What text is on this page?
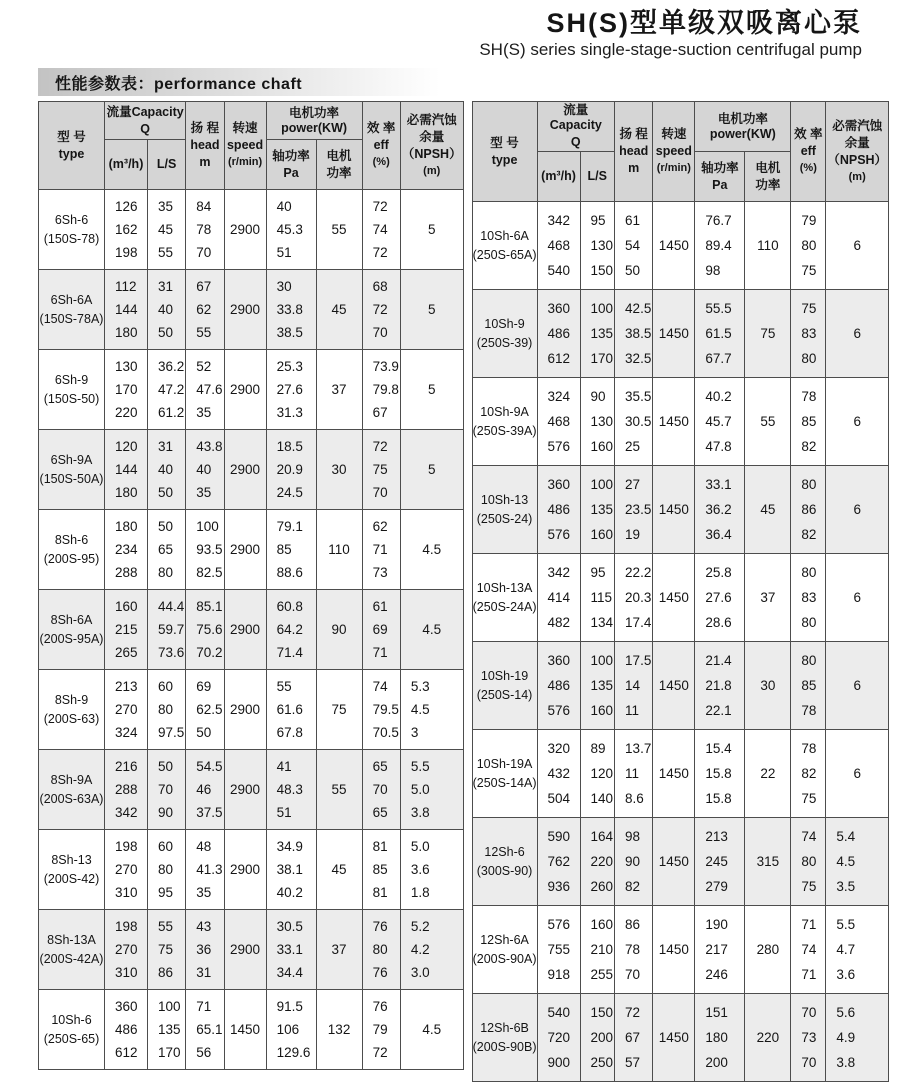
SH(S)型单级双吸离心泵
SH(S) series single-stage-suction centrifugal pump
性能参数表：performance chaft
型 号
type	流量Capacity
Q		扬 程
head
m	转速
speed
(r/min)	电机功率 power(KW)		效 率
eff
(%)	必需汽蚀
余量
（NPSH）
(m)

	(m³/h)	L/S			轴功率
Pa	电机
功率		

6Sh-6
(150S-78)	126
162
198	35
45
55	84
78
70	2900	40
45.3
51	55	72
74
72	5

6Sh-6A
(150S-78A)	112
144
180	31
40
50	67
62
55	2900	30
33.8
38.5	45	68
72
70	5

6Sh-9
(150S-50)	130
170
220	36.2
47.2
61.2	52
47.6
35	2900	25.3
27.6
31.3	37	73.9
79.8
67	5

6Sh-9A
(150S-50A)	120
144
180	31
40
50	43.8
40
35	2900	18.5
20.9
24.5	30	72
75
70	5

8Sh-6
(200S-95)	180
234
288	50
65
80	100
93.5
82.5	2900	79.1
85
88.6	110	62
71
73	4.5

8Sh-6A
(200S-95A)	160
215
265	44.4
59.7
73.6	85.1
75.6
70.2	2900	60.8
64.2
71.4	90	61
69
71	4.5

8Sh-9
(200S-63)	213
270
324	60
80
97.5	69
62.5
50	2900	55
61.6
67.8	75	74
79.5
70.5	5.3
4.5
3

8Sh-9A
(200S-63A)	216
288
342	50
70
90	54.5
46
37.5	2900	41
48.3
51	55	65
70
65	5.5
5.0
3.8

8Sh-13
(200S-42)	198
270
310	60
80
95	48
41.3
35	2900	34.9
38.1
40.2	45	81
85
81	5.0
3.6
1.8

8Sh-13A
(200S-42A)	198
270
310	55
75
86	43
36
31	2900	30.5
33.1
34.4	37	76
80
76	5.2
4.2
3.0

10Sh-6
(250S-65)	360
486
612	100
135
170	71
65.1
56	1450	91.5
106
129.6	132	76
79
72	4.5
型 号
type	流量Capacity
Q		扬 程
head
m	转速
speed
(r/min)	电机功率 power(KW)		效 率
eff
(%)	必需汽蚀
余量
（NPSH）
(m)

	(m³/h)	L/S			轴功率
Pa	电机
功率		

10Sh-6A
(250S-65A)	342
468
540	95
130
150	61
54
50	1450	76.7
89.4
98	110	79
80
75	6

10Sh-9
(250S-39)	360
486
612	100
135
170	42.5
38.5
32.5	1450	55.5
61.5
67.7	75	75
83
80	6

10Sh-9A
(250S-39A)	324
468
576	90
130
160	35.5
30.5
25	1450	40.2
45.7
47.8	55	78
85
82	6

10Sh-13
(250S-24)	360
486
576	100
135
160	27
23.5
19	1450	33.1
36.2
36.4	45	80
86
82	6

10Sh-13A
(250S-24A)	342
414
482	95
115
134	22.2
20.3
17.4	1450	25.8
27.6
28.6	37	80
83
80	6

10Sh-19
(250S-14)	360
486
576	100
135
160	17.5
14
11	1450	21.4
21.8
22.1	30	80
85
78	6

10Sh-19A
(250S-14A)	320
432
504	89
120
140	13.7
11
8.6	1450	15.4
15.8
15.8	22	78
82
75	6

12Sh-6
(300S-90)	590
762
936	164
220
260	98
90
82	1450	213
245
279	315	74
80
75	5.4
4.5
3.5

12Sh-6A
(200S-90A)	576
755
918	160
210
255	86
78
70	1450	190
217
246	280	71
74
71	5.5
4.7
3.6

12Sh-6B
(200S-90B)	540
720
900	150
200
250	72
67
57	1450	151
180
200	220	70
73
70	5.6
4.9
3.8
